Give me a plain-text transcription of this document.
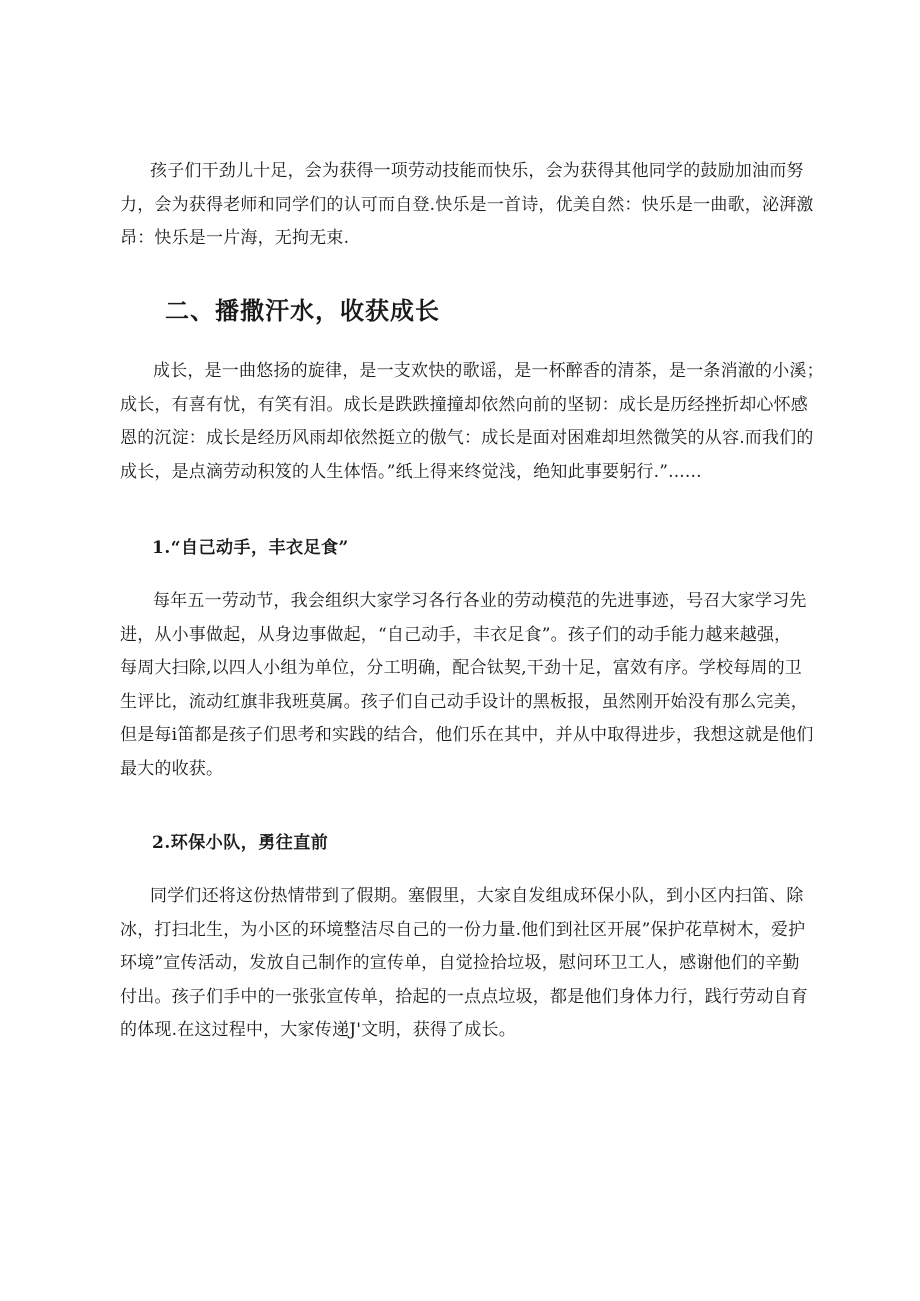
孩子们干劲儿十足，会为获得一项劳动技能而快乐，会为获得其他同学的鼓励加油而努
力，会为获得老师和同学们的认可而自登.快乐是一首诗，优美自然：快乐是一曲歌，泌湃激
昂：快乐是一片海，无拘无束.
二、播撒汗水，收获成长
成长，是一曲悠扬的旋律，是一支欢快的歌谣，是一杯醉香的清茶，是一条消澈的小溪；
成长，有喜有忧，有笑有泪。成长是跌跌撞撞却依然向前的坚韧：成长是历经挫折却心怀感
恩的沉淀：成长是经历风雨却依然挺立的傲气：成长是面对困难却坦然微笑的从容.而我们的
成长，是点滴劳动积笈的人生体悟。”纸上得来终觉浅，绝知此事要躬行.”......
1.“自己动手，丰衣足食”
每年五一劳动节，我会组织大家学习各行各业的劳动模范的先进事迹，号召大家学习先
进，从小事做起，从身边事做起，“自己动手，丰衣足食”。孩子们的动手能力越来越强，
每周大扫除,以四人小组为单位，分工明确，配合钛契,干劲十足，富效有序。学校每周的卫
生评比，流动红旗非我班莫属。孩子们自己动手设计的黑板报，虽然刚开始没有那么完美，
但是每i笛都是孩子们思考和实践的结合，他们乐在其中，并从中取得进步，我想这就是他们
最大的收获。
2.环保小队，勇往直前
同学们还将这份热情带到了假期。塞假里，大家自发组成环保小队，到小区内扫笛、除
冰，打扫北生，为小区的环境整洁尽自己的一份力量.他们到社区开展”保护花草树木，爱护
环境”宣传活动，发放自己制作的宣传单，自觉捡拾垃圾，慰问环卫工人，感谢他们的辛勤
付出。孩子们手中的一张张宣传单，拾起的一点点垃圾，都是他们身体力行，践行劳动自育
的体现.在这过程中，大家传递J'文明，获得了成长。
